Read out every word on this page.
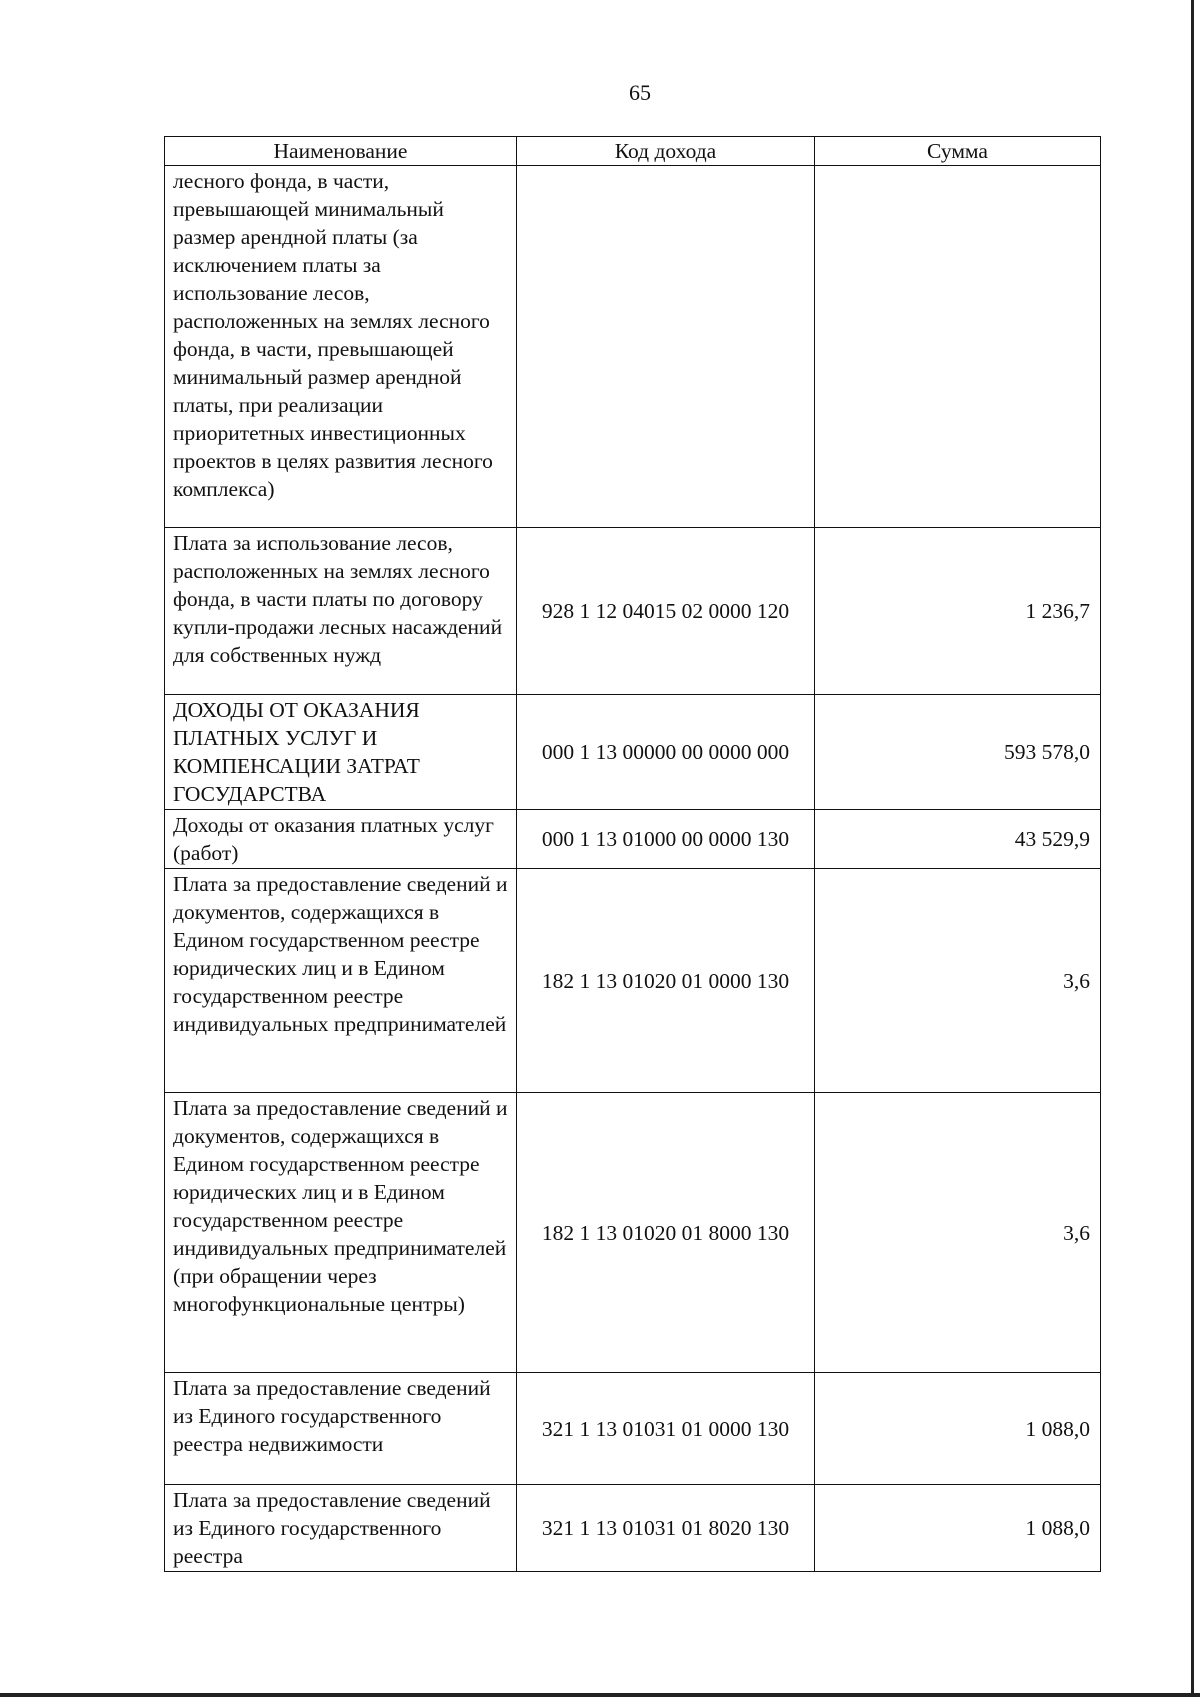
65
Наименование	Код дохода	Сумма
лесного фонда, в части, превышающей минимальный размер арендной платы (за исключением платы за использование лесов, расположенных на землях лесного фонда, в части, превышающей минимальный размер арендной платы, при реализации приоритетных инвестиционных проектов в целях развития лесного комплекса)		
Плата за использование лесов, расположенных на землях лесного фонда, в части платы по договору купли-продажи лесных насаждений для собственных нужд	928 1 12 04015 02 0000 120	1 236,7
ДОХОДЫ ОТ ОКАЗАНИЯ ПЛАТНЫХ УСЛУГ И КОМПЕНСАЦИИ ЗАТРАТ ГОСУДАРСТВА	000 1 13 00000 00 0000 000	593 578,0
Доходы от оказания платных услуг (работ)	000 1 13 01000 00 0000 130	43 529,9
Плата за предоставление сведений и документов, содержащихся в Едином государственном реестре юридических лиц и в Едином государственном реестре индивидуальных предпринимателей	182 1 13 01020 01 0000 130	3,6
Плата за предоставление сведений и документов, содержащихся в Едином государственном реестре юридических лиц и в Едином государственном реестре индивидуальных предпринимателей (при обращении через многофункциональные центры)	182 1 13 01020 01 8000 130	3,6
Плата за предоставление сведений из Единого государственного реестра недвижимости	321 1 13 01031 01 0000 130	1 088,0
Плата за предоставление сведений из Единого государственного реестра	321 1 13 01031 01 8020 130	1 088,0
